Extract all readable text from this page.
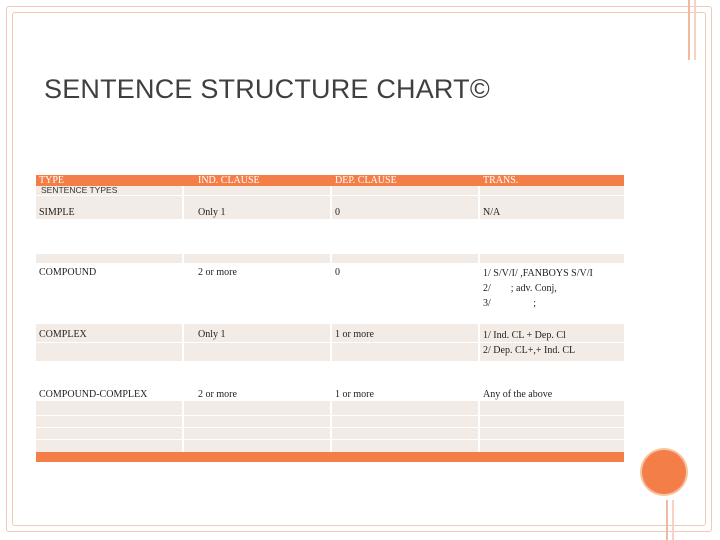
SENTENCE STRUCTURE CHART©
TYPE	IND. CLAUSE	DEP. CLAUSE	TRANS.
SENTENCE TYPES
SIMPLE	Only 1	0	N/A
COMPOUND	2 or more	0	1/ S/V/I/ ,FANBOYS S/V/I
2/        ; adv. Conj,
3/                 ;
COMPLEX	Only 1	1 or more	1/ Ind. CL + Dep. Cl
2/ Dep. CL+,+ Ind. CL
COMPOUND-COMPLEX	2 or more	1 or more	Any of the above
